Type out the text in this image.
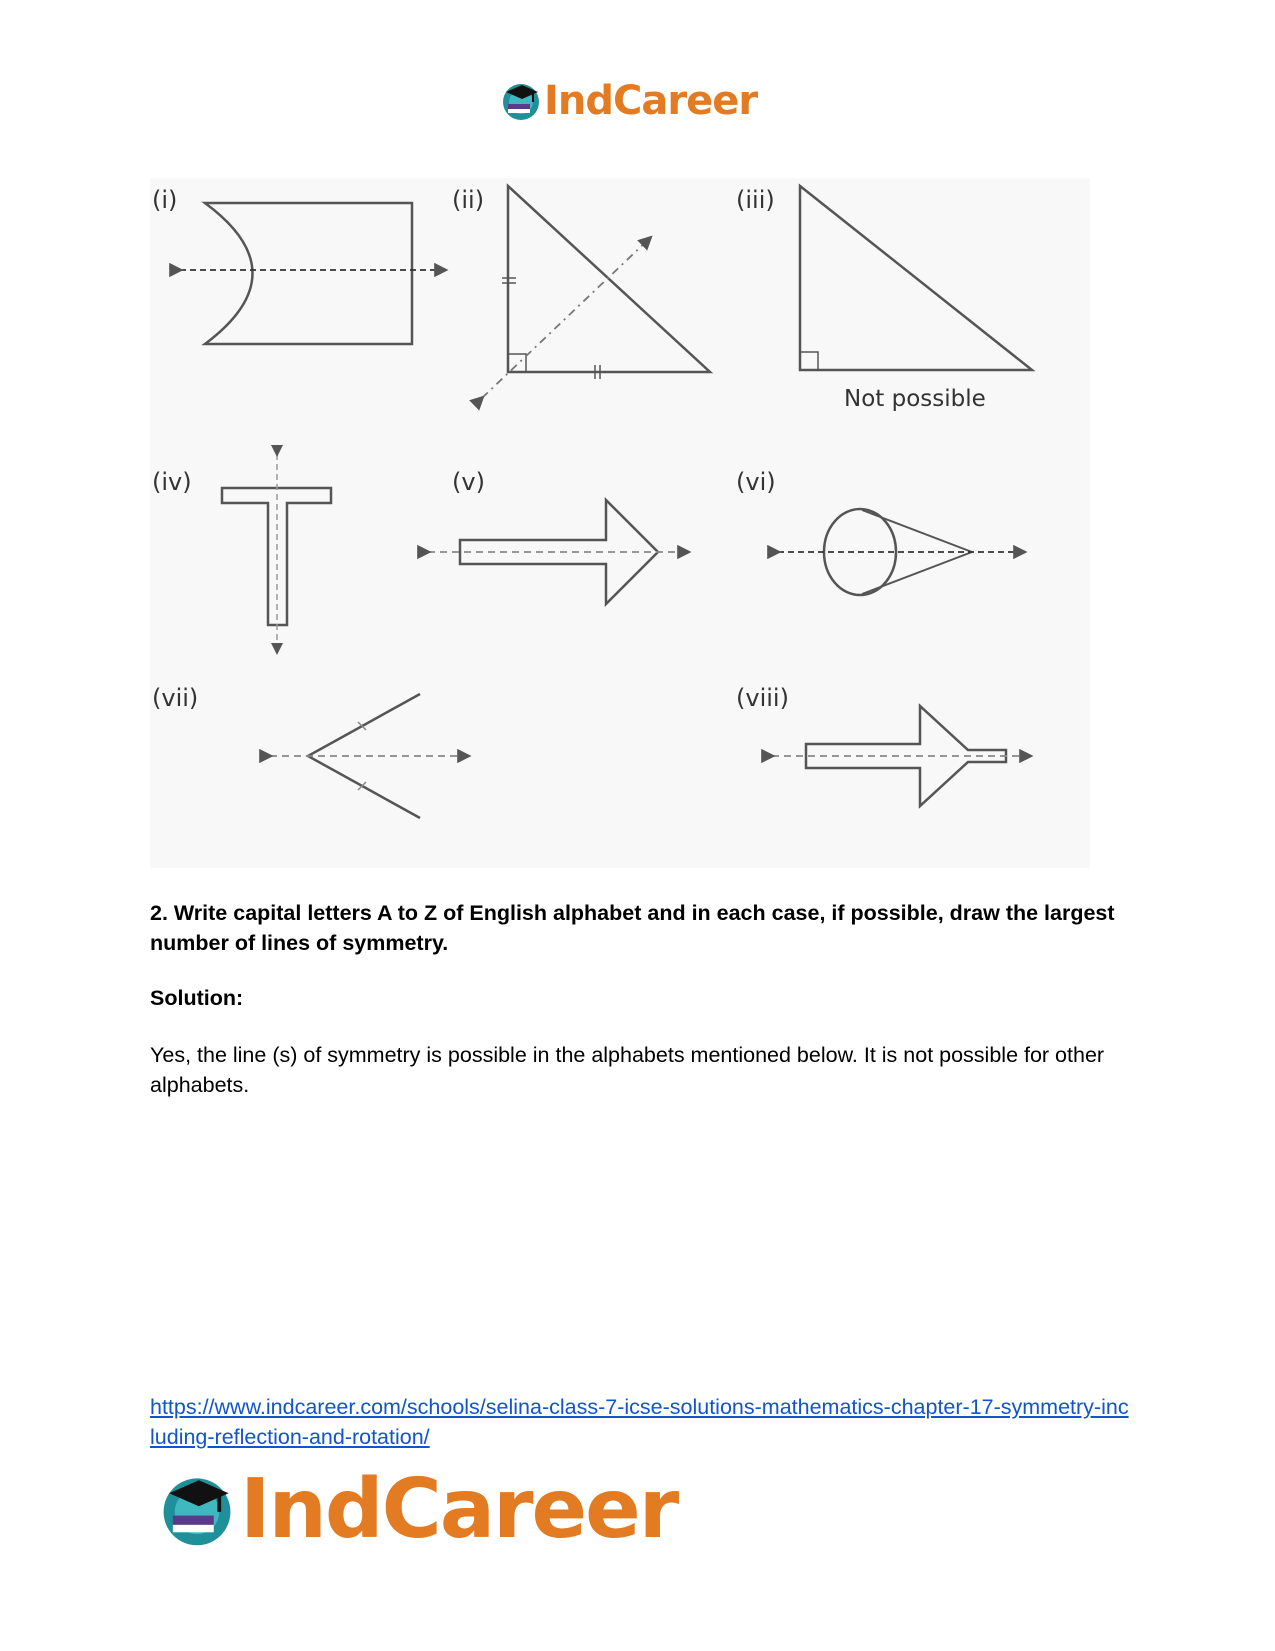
IndCareer
(i)	(ii)	(iii)
Not possible
(iv)	(v)	(vi)
(vii)	(viii)

2. Write capital letters A to Z of English alphabet and in each case, if possible, draw the largest number of lines of symmetry.

Solution:

Yes, the line (s) of symmetry is possible in the alphabets mentioned below. It is not possible for other alphabets.

https://www.indcareer.com/schools/selina-class-7-icse-solutions-mathematics-chapter-17-symmetry-including-reflection-and-rotation/
IndCareer
